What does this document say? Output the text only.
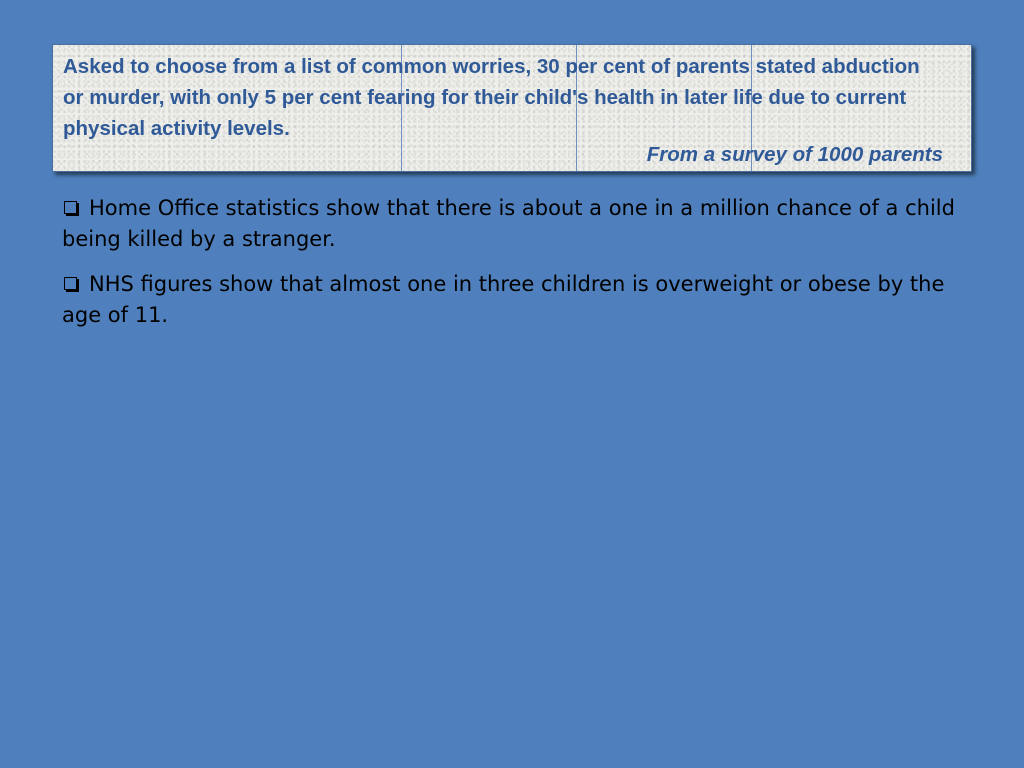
Asked to choose from a list of common worries, 30 per cent of parents stated abduction or murder, with only 5 per cent fearing for their child's health in later life due to current physical activity levels.

From a survey of 1000 parents
Home Office statistics show that there is about a one in a million chance of a child being killed by a stranger.
NHS figures show that almost one in three children is overweight or obese by the age of 11.
